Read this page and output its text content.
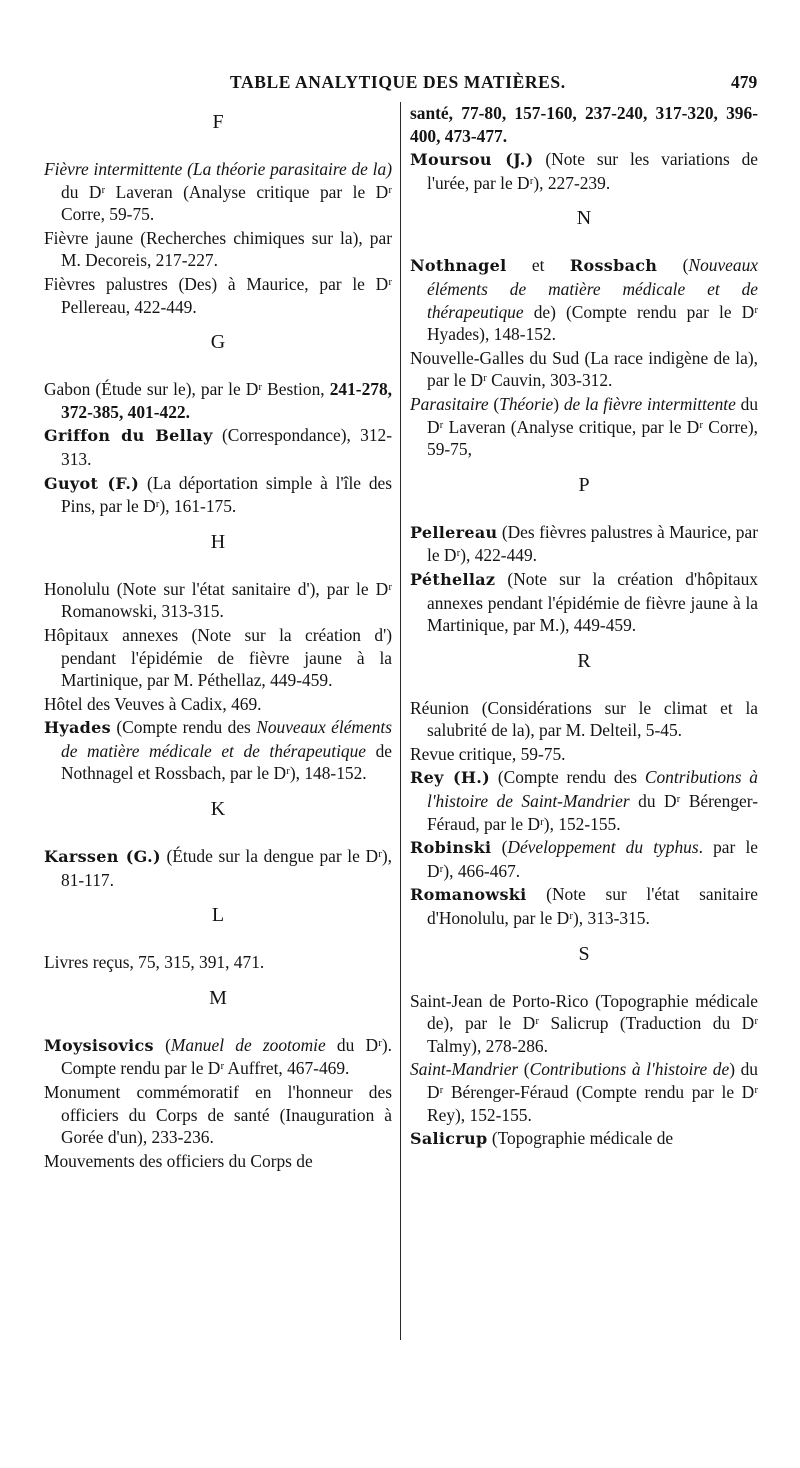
TABLE ANALYTIQUE DES MATIÈRES.	479
F

Fièvre intermittente (La théorie parasitaire de la) du Dʳ Laveran (Analyse critique par le Dʳ Corre, 59-75.

Fièvre jaune (Recherches chimiques sur la), par M. Decoreis, 217-227.

Fièvres palustres (Des) à Maurice, par le Dʳ Pellereau, 422-449.

G

Gabon (Étude sur le), par le Dʳ Bestion, 241-278, 372-385, 401-422.

Griffon du Bellay (Correspondance), 312-313.

Guyot (F.) (La déportation simple à l'île des Pins, par le Dʳ), 161-175.

H

Honolulu (Note sur l'état sanitaire d'), par le Dʳ Romanowski, 313-315.

Hôpitaux annexes (Note sur la création d') pendant l'épidémie de fièvre jaune à la Martinique, par M. Péthellaz, 449-459.

Hôtel des Veuves à Cadix, 469.

Hyades (Compte rendu des Nouveaux éléments de matière médicale et de thérapeutique de Nothnagel et Rossbach, par le Dʳ), 148-152.

K

Karssen (G.) (Étude sur la dengue par le Dʳ), 81-117.

L

Livres reçus, 75, 315, 391, 471.

M

Moysisovics (Manuel de zootomie du Dʳ). Compte rendu par le Dʳ Auffret, 467-469.

Monument commémoratif en l'honneur des officiers du Corps de santé (Inauguration à Gorée d'un), 233-236.

Mouvements des officiers du Corps de

santé, 77-80, 157-160, 237-240, 317-320, 396-400, 473-477.

Moursou (J.) (Note sur les variations de l'urée, par le Dʳ), 227-239.

N

Nothnagel et Rossbach (Nouveaux éléments de matière médicale et de thérapeutique de) (Compte rendu par le Dʳ Hyades), 148-152.

Nouvelle-Galles du Sud (La race indigène de la), par le Dʳ Cauvin, 303-312.

Parasitaire (Théorie) de la fièvre intermittente du Dʳ Laveran (Analyse critique, par le Dʳ Corre), 59-75,

P

Pellereau (Des fièvres palustres à Maurice, par le Dʳ), 422-449.

Péthellaz (Note sur la création d'hôpitaux annexes pendant l'épidémie de fièvre jaune à la Martinique, par M.), 449-459.

R

Réunion (Considérations sur le climat et la salubrité de la), par M. Delteil, 5-45.

Revue critique, 59-75.

Rey (H.) (Compte rendu des Contributions à l'histoire de Saint-Mandrier du Dʳ Bérenger-Féraud, par le Dʳ), 152-155.

Robinski (Développement du typhus. par le Dʳ), 466-467.

Romanowski (Note sur l'état sanitaire d'Honolulu, par le Dʳ), 313-315.

S

Saint-Jean de Porto-Rico (Topographie médicale de), par le Dʳ Salicrup (Traduction du Dʳ Talmy), 278-286.

Saint-Mandrier (Contributions à l'histoire de) du Dʳ Bérenger-Féraud (Compte rendu par le Dʳ Rey), 152-155.

Salicrup (Topographie médicale de
